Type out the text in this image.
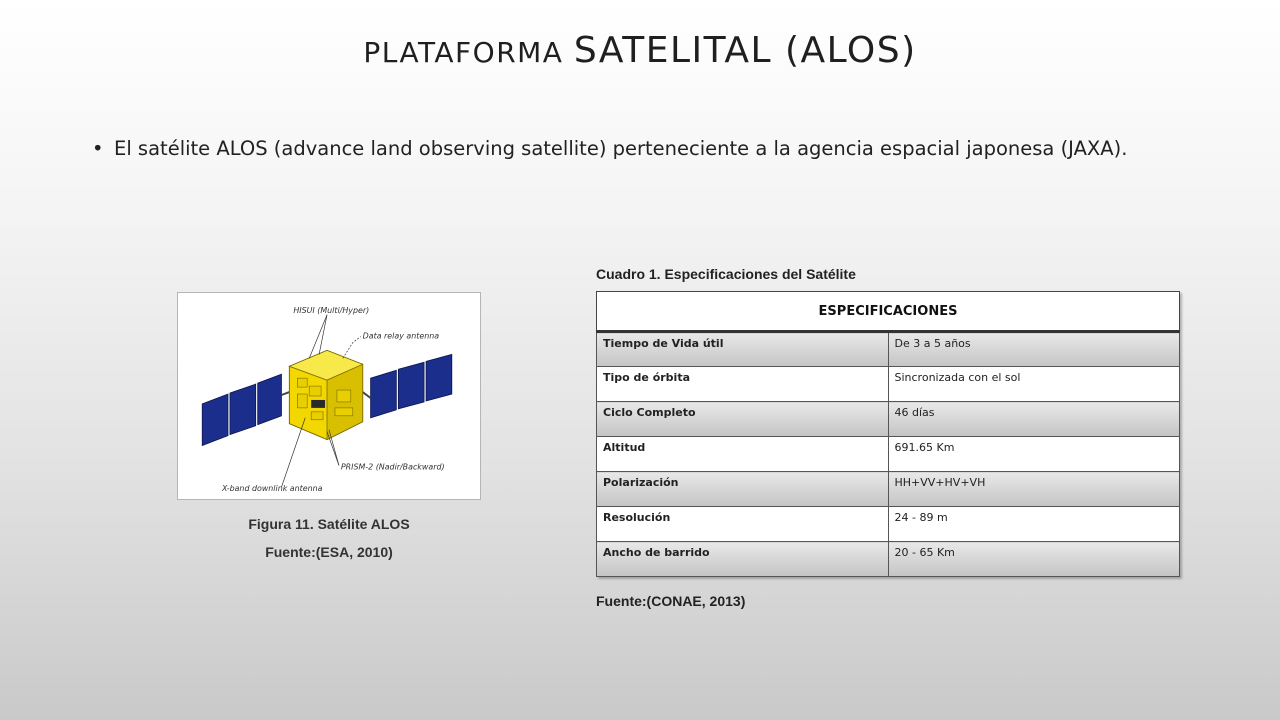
PLATAFORMA SATELITAL (ALOS)
• El satélite ALOS (advance land observing satellite) perteneciente a la agencia espacial japonesa (JAXA).
HISUI (Multi/Hyper)
Data relay antenna
PRISM-2 (Nadir/Backward)
X-band downlink antenna
Figura 11. Satélite ALOS
Fuente:(ESA, 2010)
Cuadro 1. Especificaciones del Satélite
ESPECIFICACIONES	
Tiempo de Vida útil	De 3 a 5 años
Tipo de órbita	Sincronizada con el sol
Ciclo Completo	46 días
Altitud	691.65 Km
Polarización	HH+VV+HV+VH
Resolución	24 - 89 m
Ancho de barrido	20 - 65 Km
Fuente:(CONAE, 2013)
